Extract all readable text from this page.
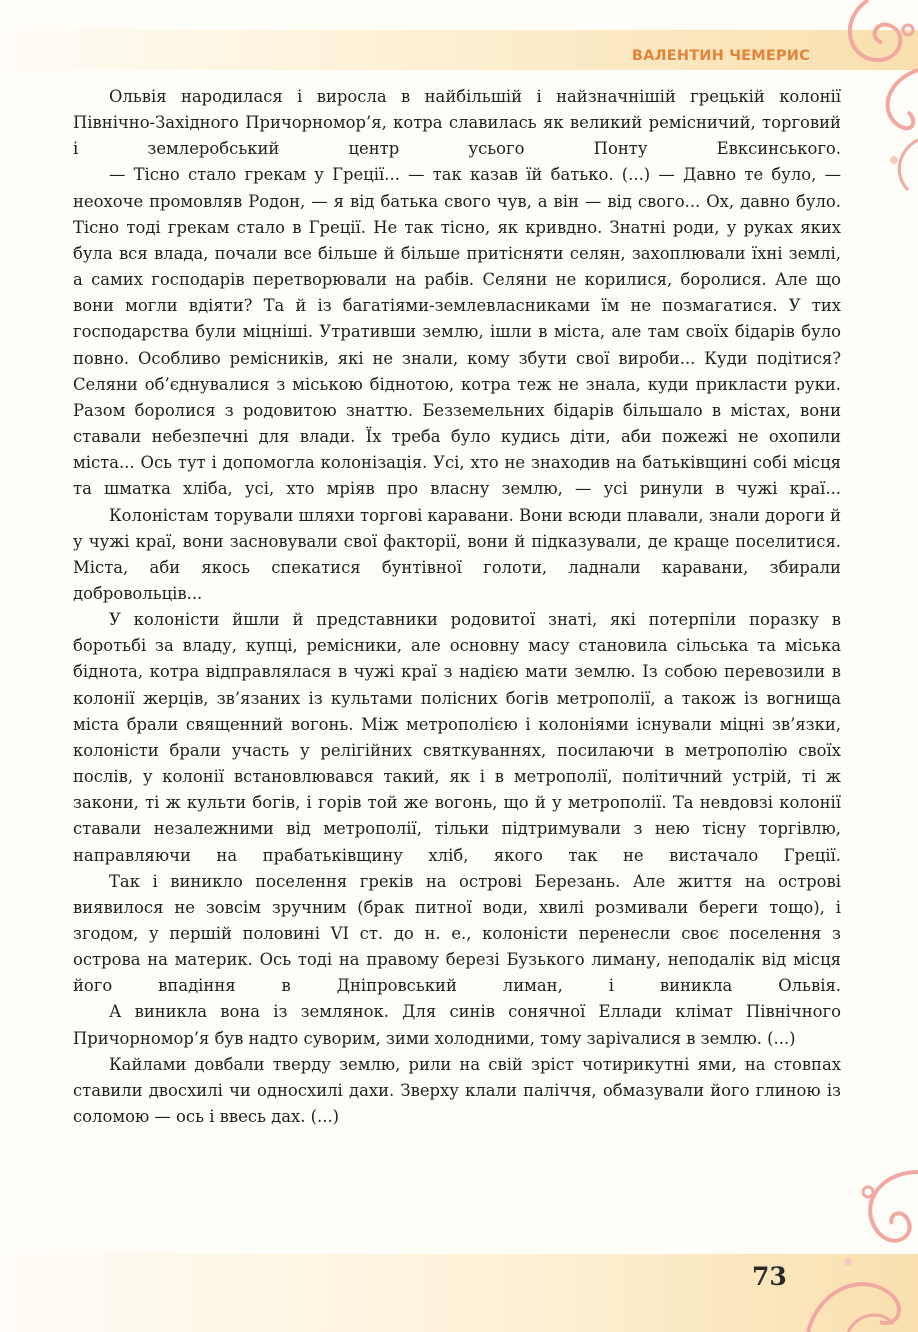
ВАЛЕНТИН ЧЕМЕРИС

Ольвія народилася і виросла в найбільшій і найзначнішій грецькій колонії Північно-Західного Причорномор’я, котра славилась як великий ремісничий, торговий і землеробський центр усього Понту Евксинського.

— Тісно стало грекам у Греції... — так казав їй батько. (...) — Давно те було, — неохоче промовляв Родон, — я від батька свого чув, а він — від свого... Ох, давно було. Тісно тоді грекам стало в Греції. Не так тісно, як кривдно. Знатні роди, у руках яких була вся влада, почали все більше й більше притісняти селян, захоплювали їхні землі, а самих господарів перетворювали на рабів. Селяни не корилися, боролися. Але що вони могли вдіяти? Та й із багатіями-землевласниками їм не позмагатися. У тих господарства були міцніші. Утративши землю, ішли в міста, але там своїх бідарів було повно. Особливо ремісників, які не знали, кому збути свої вироби... Куди подітися? Селяни об’єднувалися з міською біднотою, котра теж не знала, куди прикласти руки. Разом боролися з родовитою знаттю. Безземельних бідарів більшало в містах, вони ставали небезпечні для влади. Їх треба було кудись діти, аби пожежі не охопили міста... Ось тут і допомогла колонізація. Усі, хто не знаходив на батьківщині собі місця та шматка хліба, усі, хто мріяв про власну землю, — усі ринули в чужі краї...

Колоністам торували шляхи торгові каравани. Вони всюди плавали, знали дороги й у чужі краї, вони засновували свої факторії, вони й підказували, де краще поселитися. Міста, аби якось спекатися бунтівної голоти, ладнали каравани, збирали добровольців...

У колоністи йшли й представники родовитої знаті, які потерпіли поразку в боротьбі за владу, купці, ремісники, але основну масу становила сільська та міська біднота, котра відправлялася в чужі краї з надією мати землю. Із собою перевозили в колонії жерців, зв’язаних із культами полісних богів метрополії, а також із вогнища міста брали священний вогонь. Між метрополією і колоніями існували міцні зв’язки, колоністи брали участь у релігійних святкуваннях, посилаючи в метрополію своїх послів, у колонії встановлювався такий, як і в метрополії, політичний устрій, ті ж закони, ті ж культи богів, і горів той же вогонь, що й у метрополії. Та невдовзі колонії ставали незалежними від метрополії, тільки підтримували з нею тісну торгівлю, направляючи на прабатьківщину хліб, якого так не вистачало Греції.

Так і виникло поселення греків на острові Березань. Але життя на острові виявилося не зовсім зручним (брак питної води, хвилі розмивали береги тощо), і згодом, у першій половині VI ст. до н. е., колоністи перенесли своє поселення з острова на материк. Ось тоді на правому березі Бузького лиману, неподалік від місця його впадіння в Дніпровський лиман, і виникла Ольвія.

А виникла вона із землянок. Для синів сонячної Еллади клімат Північного Причорномор’я був надто суворим, зими холодними, тому зарivалися в землю. (...)

Кайлами довбали тверду землю, рили на свій зріст чотирикутні ями, на стовпах ставили двосхилі чи односхилі дахи. Зверху клали паліччя, обмазували його глиною із соломою — ось і ввесь дах. (...)

73
